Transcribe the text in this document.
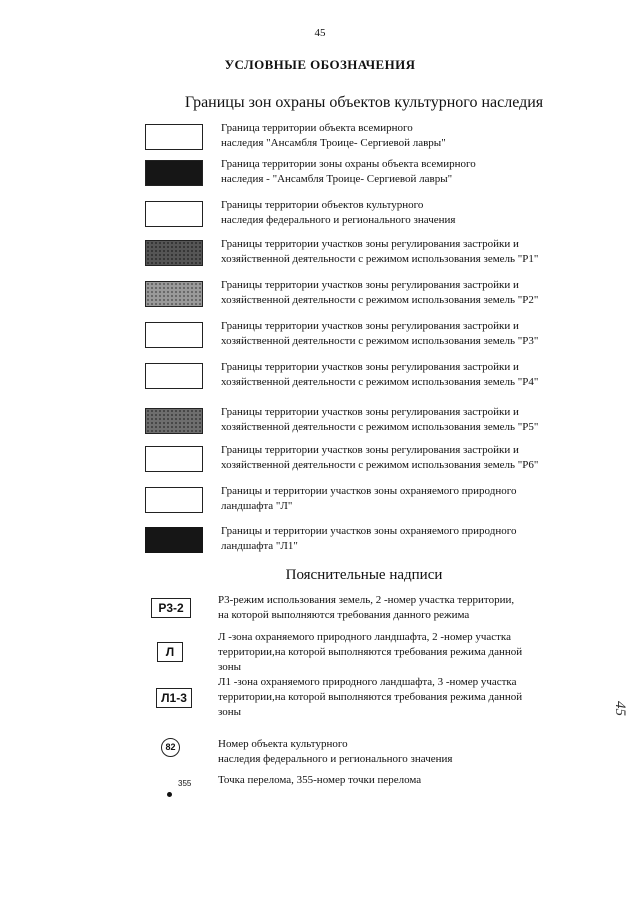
45
УСЛОВНЫЕ ОБОЗНАЧЕНИЯ
Границы зон охраны объектов культурного наследия
Граница территории объекта всемирного
наследия "Ансамбля Троице- Сергиевой лавры"
Граница территории зоны охраны объекта всемирного
наследия - "Ансамбля Троице- Сергиевой лавры"
Границы территории объектов культурного
наследия федерального и регионального значения
Границы территории участков зоны регулирования застройки и
хозяйственной деятельности с режимом использования земель "Р1"
Границы территории участков зоны регулирования застройки и
хозяйственной деятельности с режимом использования земель "Р2"
Границы территории участков зоны регулирования застройки и
хозяйственной деятельности с режимом использования земель "Р3"
Границы территории участков зоны регулирования застройки и
хозяйственной деятельности с режимом использования земель "Р4"
Границы территории участков зоны регулирования застройки и
хозяйственной деятельности с режимом использования земель "Р5"
Границы территории участков зоны регулирования застройки и
хозяйственной деятельности с режимом использования земель "Р6"
Границы и территории участков зоны охраняемого природного
ландшафта "Л"
Границы и территории участков зоны охраняемого природного
ландшафта "Л1"
Пояснительные надписи
Р3-2
Р3-режим использования земель, 2 -номер участка территории,
на которой выполняются требования данного режима
Л
Л -зона охраняемого природного ландшафта, 2 -номер участка
территории,на которой выполняются требования режима данной
зоны
Л1-3
Л1 -зона охраняемого природного ландшафта, 3 -номер участка
территории,на которой выполняются требования режима данной
зоны
82	Номер объекта культурного
наследия федерального и регионального значения
355 Точка перелома, 355-номер точки перелома
45
